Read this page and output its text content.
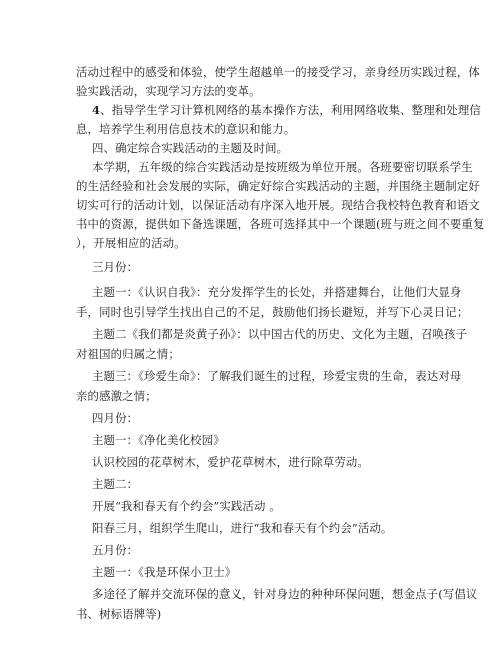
活动过程中的感受和体验，使学生超越单一的接受学习，亲身经历实践过程，体
验实践活动，实现学习方法的变革。
4、指导学生学习计算机网络的基本操作方法，利用网络收集、整理和处理信
息，培养学生利用信息技术的意识和能力。
四、确定综合实践活动的主题及时间。
本学期，五年级的综合实践活动是按班级为单位开展。各班要密切联系学生
的生活经验和社会发展的实际，确定好综合实践活动的主题，并围绕主题制定好
切实可行的活动计划，以保证活动有序深入地开展。现结合我校特色教育和语文
书中的资源，提供如下备选课题，各班可选择其中一个课题(班与班之间不要重复
），开展相应的活动。
三月份：
主题一：《认识自我》：充分发挥学生的长处，并搭建舞台，让他们大显身
手，同时也引导学生找出自己的不足，鼓励他们扬长避短，并写下心灵日记；
主题二《我们都是炎黄子孙》：以中国古代的历史、文化为主题，召唤孩子
对祖国的归属之情；
主题三：《珍爱生命》：了解我们诞生的过程，珍爱宝贵的生命，表达对母
亲的感激之情；
四月份：
主题一：《净化美化校园》
认识校园的花草树木，爱护花草树木，进行除草劳动。
主题二：
开展“我和春天有个约会”实践活动 。
阳春三月，组织学生爬山，进行“我和春天有个约会”活动。
五月份：
主题一：《我是环保小卫士》
多途径了解并交流环保的意义，针对身边的种种环保问题，想金点子(写倡议
书、树标语牌等)
